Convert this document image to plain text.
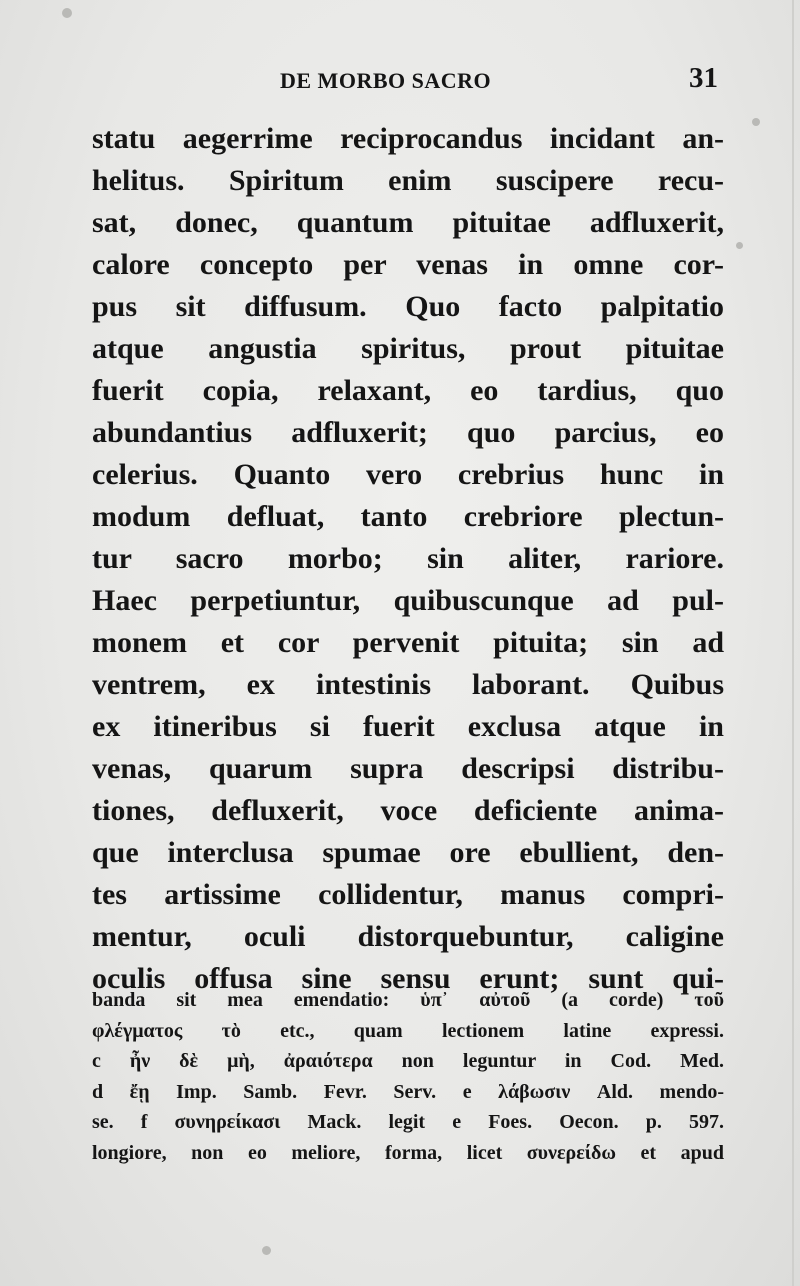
DE MORBO SACRO	31
statu aegerrime reciprocandus incidant an-
helitus. Spiritum enim suscipere recu-
sat, donec, quantum pituitae adfluxerit,
calore concepto per venas in omne cor-
pus sit diffusum. Quo facto palpitatio
atque angustia spiritus, prout pituitae
fuerit copia, relaxant, eo tardius, quo
abundantius adfluxerit; quo parcius, eo
celerius. Quanto vero crebrius hunc in
modum defluat, tanto crebriore plectun-
tur sacro morbo; sin aliter, rariore.
Haec perpetiuntur, quibuscunque ad pul-
monem et cor pervenit pituita; sin ad
ventrem, ex intestinis laborant. Quibus
ex itineribus si fuerit exclusa atque in
venas, quarum supra descripsi distribu-
tiones, defluxerit, voce deficiente anima-
que interclusa spumae ore ebullient, den-
tes artissime collidentur, manus compri-
mentur, oculi distorquebuntur, caligine
oculis offusa sine sensu erunt; sunt qui-
banda sit mea emendatio: ὑπ᾽ αὐτοῦ (a corde) τοῦ
φλέγματος τὸ etc., quam lectionem latine expressi.
c ἦν δὲ μὴ, ἀραιότερα non leguntur in Cod. Med.
d ἔῃ Imp. Samb. Fevr. Serv. e λάβωσιν Ald. mendo-
se. f συνηρείκασι Mack. legit e Foes. Oecon. p. 597.
longiore, non eo meliore, forma, licet συνερείδω et apud
